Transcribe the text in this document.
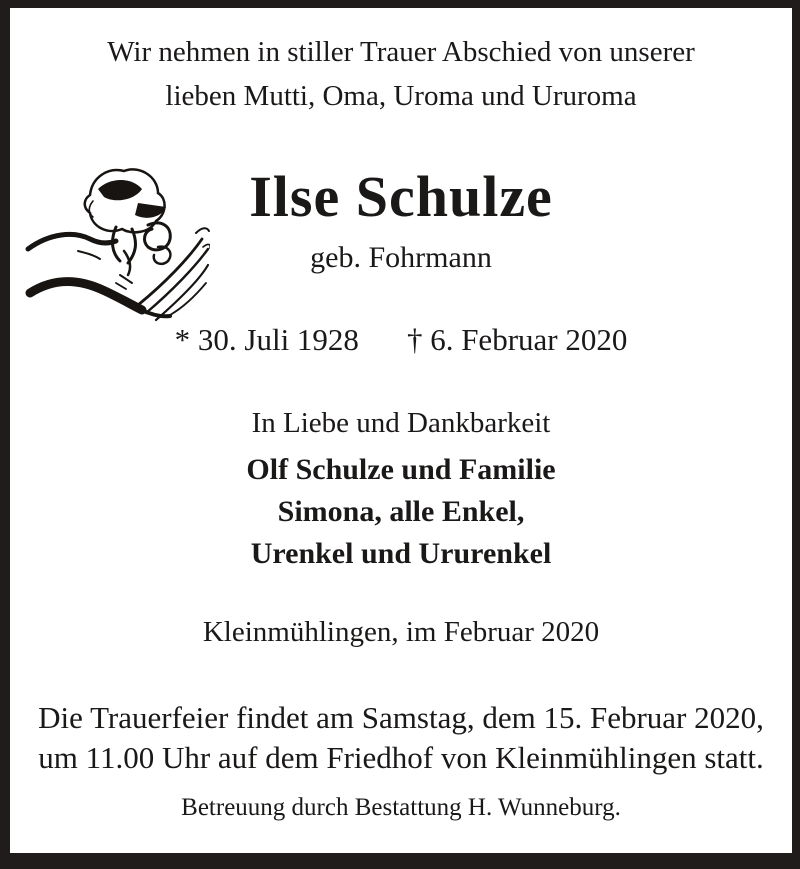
Wir nehmen in stiller Trauer Abschied von unserer
lieben Mutti, Oma, Uroma und Ururoma
Ilse Schulze
geb. Fohrmann
* 30. Juli 1928 † 6. Februar 2020
In Liebe und Dankbarkeit
Olf Schulze und Familie
Simona, alle Enkel,
Urenkel und Ururenkel
Kleinmühlingen, im Februar 2020
Die Trauerfeier findet am Samstag, dem 15. Februar 2020,
um 11.00 Uhr auf dem Friedhof von Kleinmühlingen statt.
Betreuung durch Bestattung H. Wunneburg.
